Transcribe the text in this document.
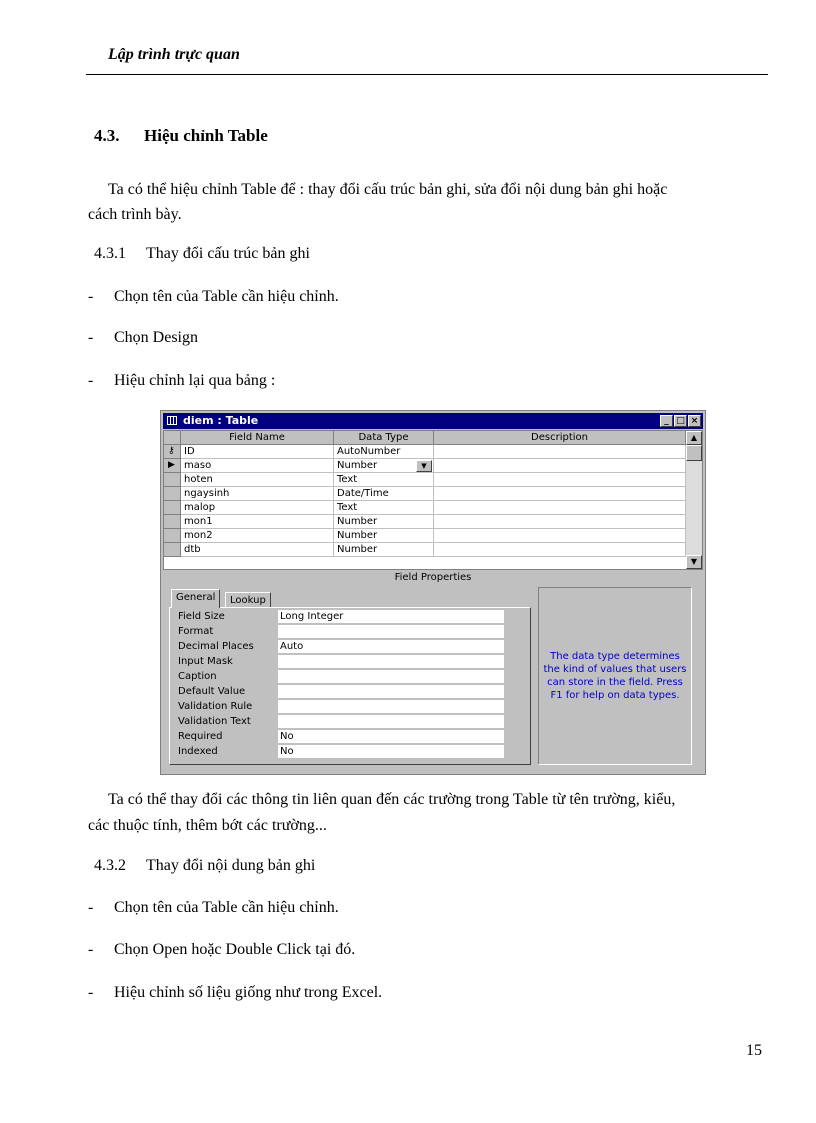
Lập trình trực quan
4.3. Hiệu chỉnh Table
Ta có thể hiệu chỉnh Table để : thay đổi cấu trúc bản ghi, sửa đổi nội dung bản ghi hoặc
cách trình bày.
4.3.1 Thay đổi cấu trúc bản ghi
- Chọn tên của Table cần hiệu chỉnh.
- Chọn Design
- Hiệu chỉnh lại qua bảng :
diem : Table	_ □ ×
Field Name	Data Type	Description
⚷ ID	AutoNumber
▶ maso	Number	▼
hoten	Text
ngaysinh	Date/Time
malop	Text
mon1	Number
mon2	Number
dtb	Number
▲
▼
Field Properties
General	Lookup
Field Size	Long Integer
Format
Decimal Places	Auto
Input Mask
Caption
Default Value
Validation Rule
Validation Text
Required	No
Indexed	No
The data type determines the kind of values that users can store in the field. Press F1 for help on data types.
Ta có thể thay đổi các thông tin liên quan đến các trường trong Table từ tên trường, kiểu,
các thuộc tính, thêm bớt các trường...
4.3.2 Thay đổi nội dung bản ghi
- Chọn tên của Table cần hiệu chỉnh.
- Chọn Open hoặc Double Click tại đó.
- Hiệu chỉnh số liệu giống như trong Excel.
15
